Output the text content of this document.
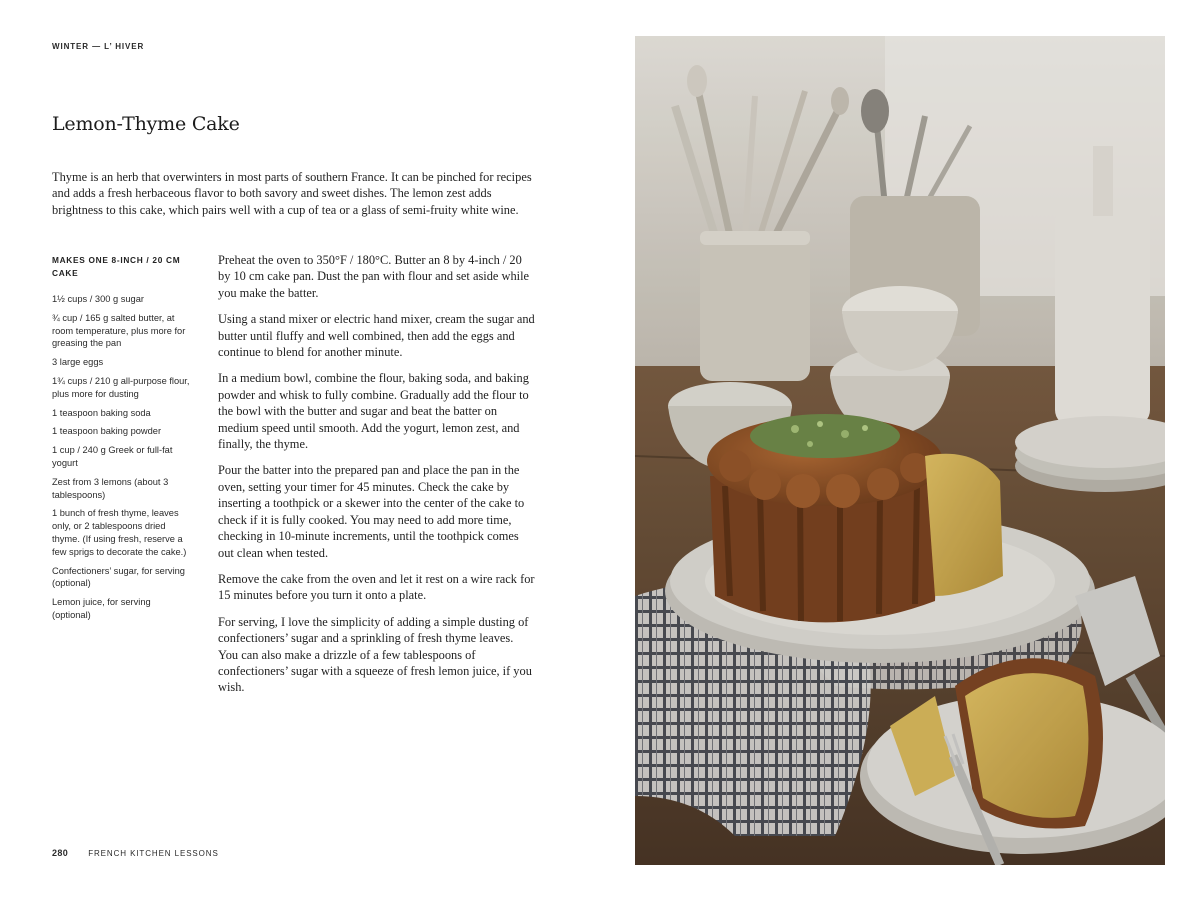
WINTER — L’ HIVER
Lemon-Thyme Cake

Thyme is an herb that overwinters in most parts of southern France. It can be pinched for recipes and adds a fresh herbaceous flavor to both savory and sweet dishes. The lemon zest adds brightness to this cake, which pairs well with a cup of tea or a glass of semi-fruity white wine.

MAKES ONE 8-INCH / 20 CM CAKE
1½ cups / 300 g sugar
¾ cup / 165 g salted butter, at room temperature, plus more for greasing the pan
3 large eggs
1¾ cups / 210 g all-purpose flour, plus more for dusting
1 teaspoon baking soda
1 teaspoon baking powder
1 cup / 240 g Greek or full-fat yogurt
Zest from 3 lemons (about 3 tablespoons)
1 bunch of fresh thyme, leaves only, or 2 tablespoons dried thyme. (If using fresh, reserve a few sprigs to decorate the cake.)
Confectioners’ sugar, for serving (optional)
Lemon juice, for serving (optional)

Preheat the oven to 350°F / 180°C. Butter an 8 by 4-inch / 20 by 10 cm cake pan. Dust the pan with flour and set aside while you make the batter.

Using a stand mixer or electric hand mixer, cream the sugar and butter until fluffy and well combined, then add the eggs and continue to blend for another minute.

In a medium bowl, combine the flour, baking soda, and baking powder and whisk to fully combine. Gradually add the flour to the bowl with the butter and sugar and beat the batter on medium speed until smooth. Add the yogurt, lemon zest, and finally, the thyme.

Pour the batter into the prepared pan and place the pan in the oven, setting your timer for 45 minutes. Check the cake by inserting a toothpick or a skewer into the center of the cake to check if it is fully cooked. You may need to add more time, checking in 10-minute increments, until the toothpick comes out clean when tested.

Remove the cake from the oven and let it rest on a wire rack for 15 minutes before you turn it onto a plate.

For serving, I love the simplicity of adding a simple dusting of confectioners’ sugar and a sprinkling of fresh thyme leaves. You can also make a drizzle of a few tablespoons of confectioners’ sugar with a squeeze of fresh lemon juice, if you wish.

280	FRENCH KITCHEN LESSONS
